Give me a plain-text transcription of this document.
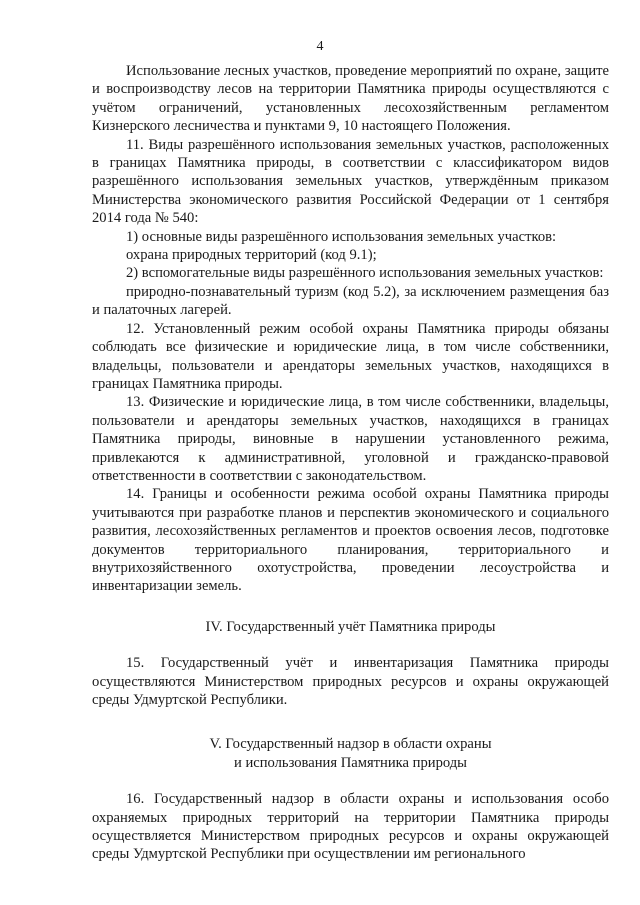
4

Использование лесных участков, проведение мероприятий по охране, защите и воспроизводству лесов на территории Памятника природы осуществляются с учётом ограничений, установленных лесохозяйственным регламентом Кизнерского лесничества и пунктами 9, 10 настоящего Положения.

11. Виды разрешённого использования земельных участков, расположенных в границах Памятника природы, в соответствии с классификатором видов разрешённого использования земельных участков, утверждённым приказом Министерства экономического развития Российской Федерации от 1 сентября 2014 года № 540:

1) основные виды разрешённого использования земельных участков:

охрана природных территорий (код 9.1);

2) вспомогательные виды разрешённого использования земельных участков:

природно-познавательный туризм (код 5.2), за исключением размещения баз и палаточных лагерей.

12. Установленный режим особой охраны Памятника природы обязаны соблюдать все физические и юридические лица, в том числе собственники, владельцы, пользователи и арендаторы земельных участков, находящихся в границах Памятника природы.

13. Физические и юридические лица, в том числе собственники, владельцы, пользователи и арендаторы земельных участков, находящихся в границах Памятника природы, виновные в нарушении установленного режима, привлекаются к административной, уголовной и гражданско-правовой ответственности в соответствии с законодательством.

14. Границы и особенности режима особой охраны Памятника природы учитываются при разработке планов и перспектив экономического и социального развития, лесохозяйственных регламентов и проектов освоения лесов, подготовке документов территориального планирования, территориального и внутрихозяйственного охотустройства, проведении лесоустройства и инвентаризации земель.

IV. Государственный учёт Памятника природы

15. Государственный учёт и инвентаризация Памятника природы осуществляются Министерством природных ресурсов и охраны окружающей среды Удмуртской Республики.

V. Государственный надзор в области охраны

и использования Памятника природы

16. Государственный надзор в области охраны и использования особо охраняемых природных территорий на территории Памятника природы осуществляется Министерством природных ресурсов и охраны окружающей среды Удмуртской Республики при осуществлении им регионального
